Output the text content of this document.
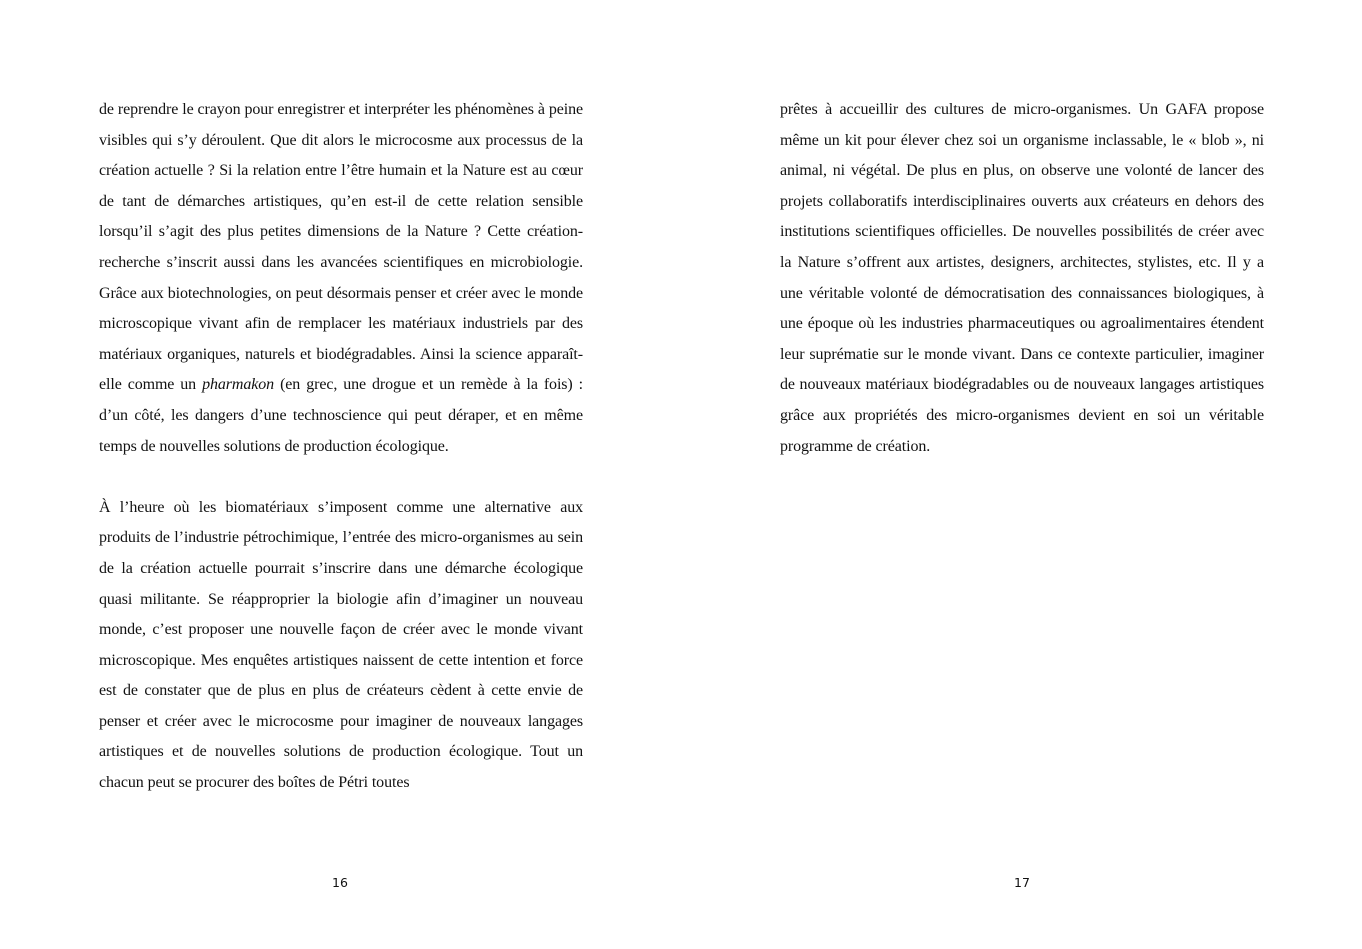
de reprendre le crayon pour enregistrer et interpréter les phénomènes à peine visibles qui s’y déroulent. Que dit alors le microcosme aux processus de la création actuelle ? Si la relation entre l’être humain et la Nature est au cœur de tant de démarches artistiques, qu’en est-il de cette relation sensible lorsqu’il s’agit des plus petites dimensions de la Nature ? Cette création-recherche s’inscrit aussi dans les avancées scientifiques en microbiologie. Grâce aux biotechnologies, on peut désormais penser et créer avec le monde microscopique vivant afin de remplacer les matériaux industriels par des matériaux organiques, naturels et biodégradables. Ainsi la science apparaît-elle comme un pharmakon (en grec, une drogue et un remède à la fois) : d’un côté, les dangers d’une technoscience qui peut déraper, et en même temps de nouvelles solutions de production écologique.

À l’heure où les biomatériaux s’imposent comme une alternative aux produits de l’industrie pétrochimique, l’entrée des micro-organismes au sein de la création actuelle pourrait s’inscrire dans une démarche écologique quasi militante. Se réapproprier la biologie afin d’imaginer un nouveau monde, c’est proposer une nouvelle façon de créer avec le monde vivant microscopique. Mes enquêtes artistiques naissent de cette intention et force est de constater que de plus en plus de créateurs cèdent à cette envie de penser et créer avec le microcosme pour imaginer de nouveaux langages artistiques et de nouvelles solutions de production écologique. Tout un chacun peut se procurer des boîtes de Pétri toutes

16

prêtes à accueillir des cultures de micro-organismes. Un GAFA propose même un kit pour élever chez soi un organisme inclassable, le « blob », ni animal, ni végétal. De plus en plus, on observe une volonté de lancer des projets collaboratifs interdisciplinaires ouverts aux créateurs en dehors des institutions scientifiques officielles. De nouvelles possibilités de créer avec la Nature s’offrent aux artistes, designers, architectes, stylistes, etc. Il y a une véritable volonté de démocratisation des connaissances biologiques, à une époque où les industries pharmaceutiques ou agroalimentaires étendent leur suprématie sur le monde vivant. Dans ce contexte particulier, imaginer de nouveaux matériaux biodégradables ou de nouveaux langages artistiques grâce aux propriétés des micro-organismes devient en soi un véritable programme de création.

17
